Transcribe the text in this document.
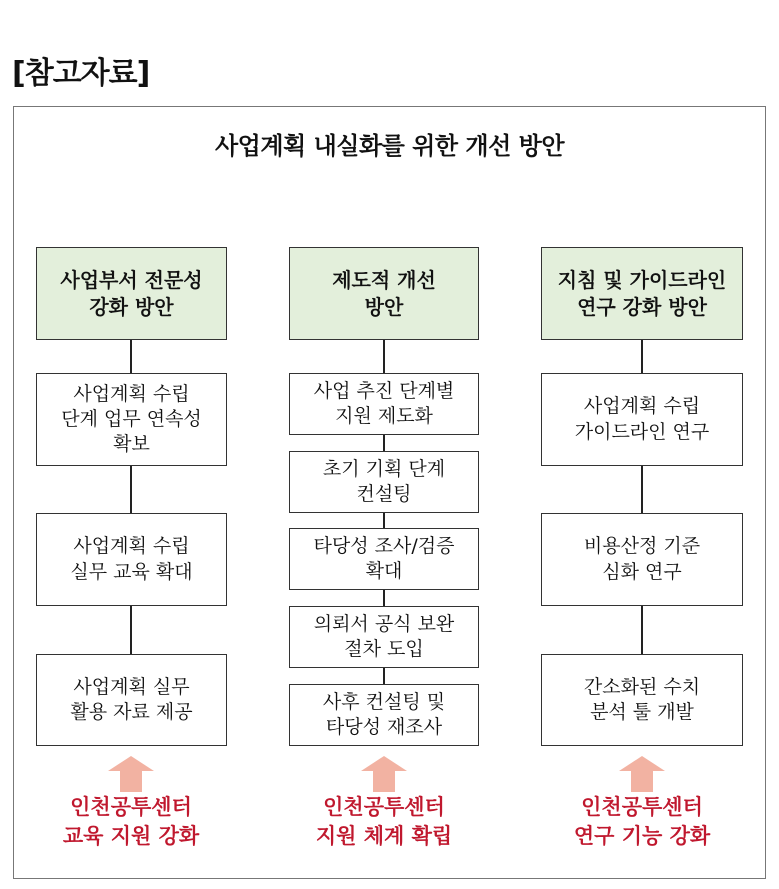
[참고자료]
사업계획 내실화를 위한 개선 방안
사업부서 전문성
강화 방안
사업계획 수립
단계 업무 연속성
확보
사업계획 수립
실무 교육 확대
사업계획 실무
활용 자료 제공
인천공투센터
교육 지원 강화
제도적 개선
방안
사업 추진 단계별
지원 제도화
초기 기획 단계
컨설팅
타당성 조사/검증
확대
의뢰서 공식 보완
절차 도입
사후 컨설팅 및
타당성 재조사
인천공투센터
지원 체계 확립
지침 및 가이드라인
연구 강화 방안
사업계획 수립
가이드라인 연구
비용산정 기준
심화 연구
간소화된 수치
분석 툴 개발
인천공투센터
연구 기능 강화
